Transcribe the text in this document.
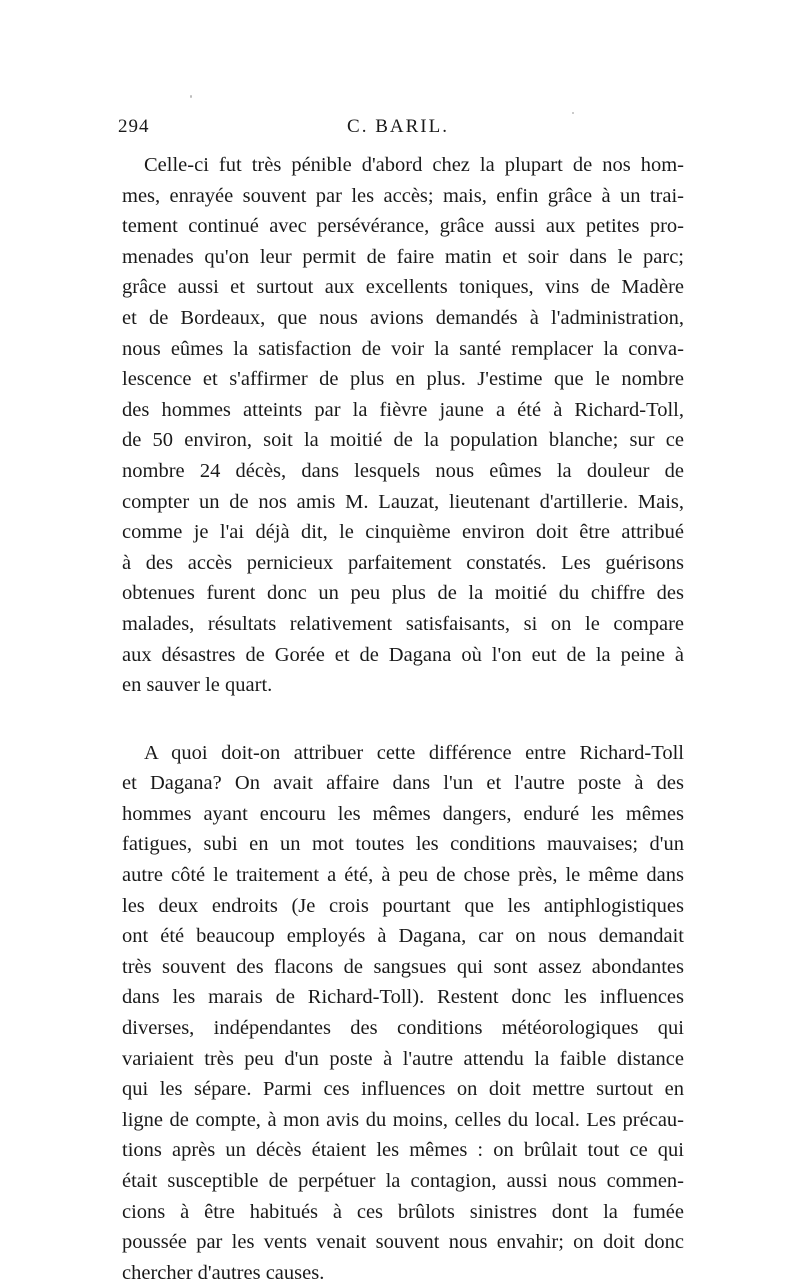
294	C. BARIL.
Celle-ci fut très pénible d'abord chez la plupart de nos hom-
mes, enrayée souvent par les accès; mais, enfin grâce à un trai-
tement continué avec persévérance, grâce aussi aux petites pro-
menades qu'on leur permit de faire matin et soir dans le parc;
grâce aussi et surtout aux excellents toniques, vins de Madère
et de Bordeaux, que nous avions demandés à l'administration,
nous eûmes la satisfaction de voir la santé remplacer la conva-
lescence et s'affirmer de plus en plus. J'estime que le nombre
des hommes atteints par la fièvre jaune a été à Richard-Toll,
de 50 environ, soit la moitié de la population blanche; sur ce
nombre 24 décès, dans lesquels nous eûmes la douleur de
compter un de nos amis M. Lauzat, lieutenant d'artillerie. Mais,
comme je l'ai déjà dit, le cinquième environ doit être attribué
à des accès pernicieux parfaitement constatés. Les guérisons
obtenues furent donc un peu plus de la moitié du chiffre des
malades, résultats relativement satisfaisants, si on le compare
aux désastres de Gorée et de Dagana où l'on eut de la peine à
en sauver le quart.
A quoi doit-on attribuer cette différence entre Richard-Toll
et Dagana? On avait affaire dans l'un et l'autre poste à des
hommes ayant encouru les mêmes dangers, enduré les mêmes
fatigues, subi en un mot toutes les conditions mauvaises; d'un
autre côté le traitement a été, à peu de chose près, le même dans
les deux endroits (Je crois pourtant que les antiphlogistiques
ont été beaucoup employés à Dagana, car on nous demandait
très souvent des flacons de sangsues qui sont assez abondantes
dans les marais de Richard-Toll). Restent donc les influences
diverses, indépendantes des conditions météorologiques qui
variaient très peu d'un poste à l'autre attendu la faible distance
qui les sépare. Parmi ces influences on doit mettre surtout en
ligne de compte, à mon avis du moins, celles du local. Les précau-
tions après un décès étaient les mêmes : on brûlait tout ce qui
était susceptible de perpétuer la contagion, aussi nous commen-
cions à être habitués à ces brûlots sinistres dont la fumée
poussée par les vents venait souvent nous envahir; on doit donc
chercher d'autres causes.
